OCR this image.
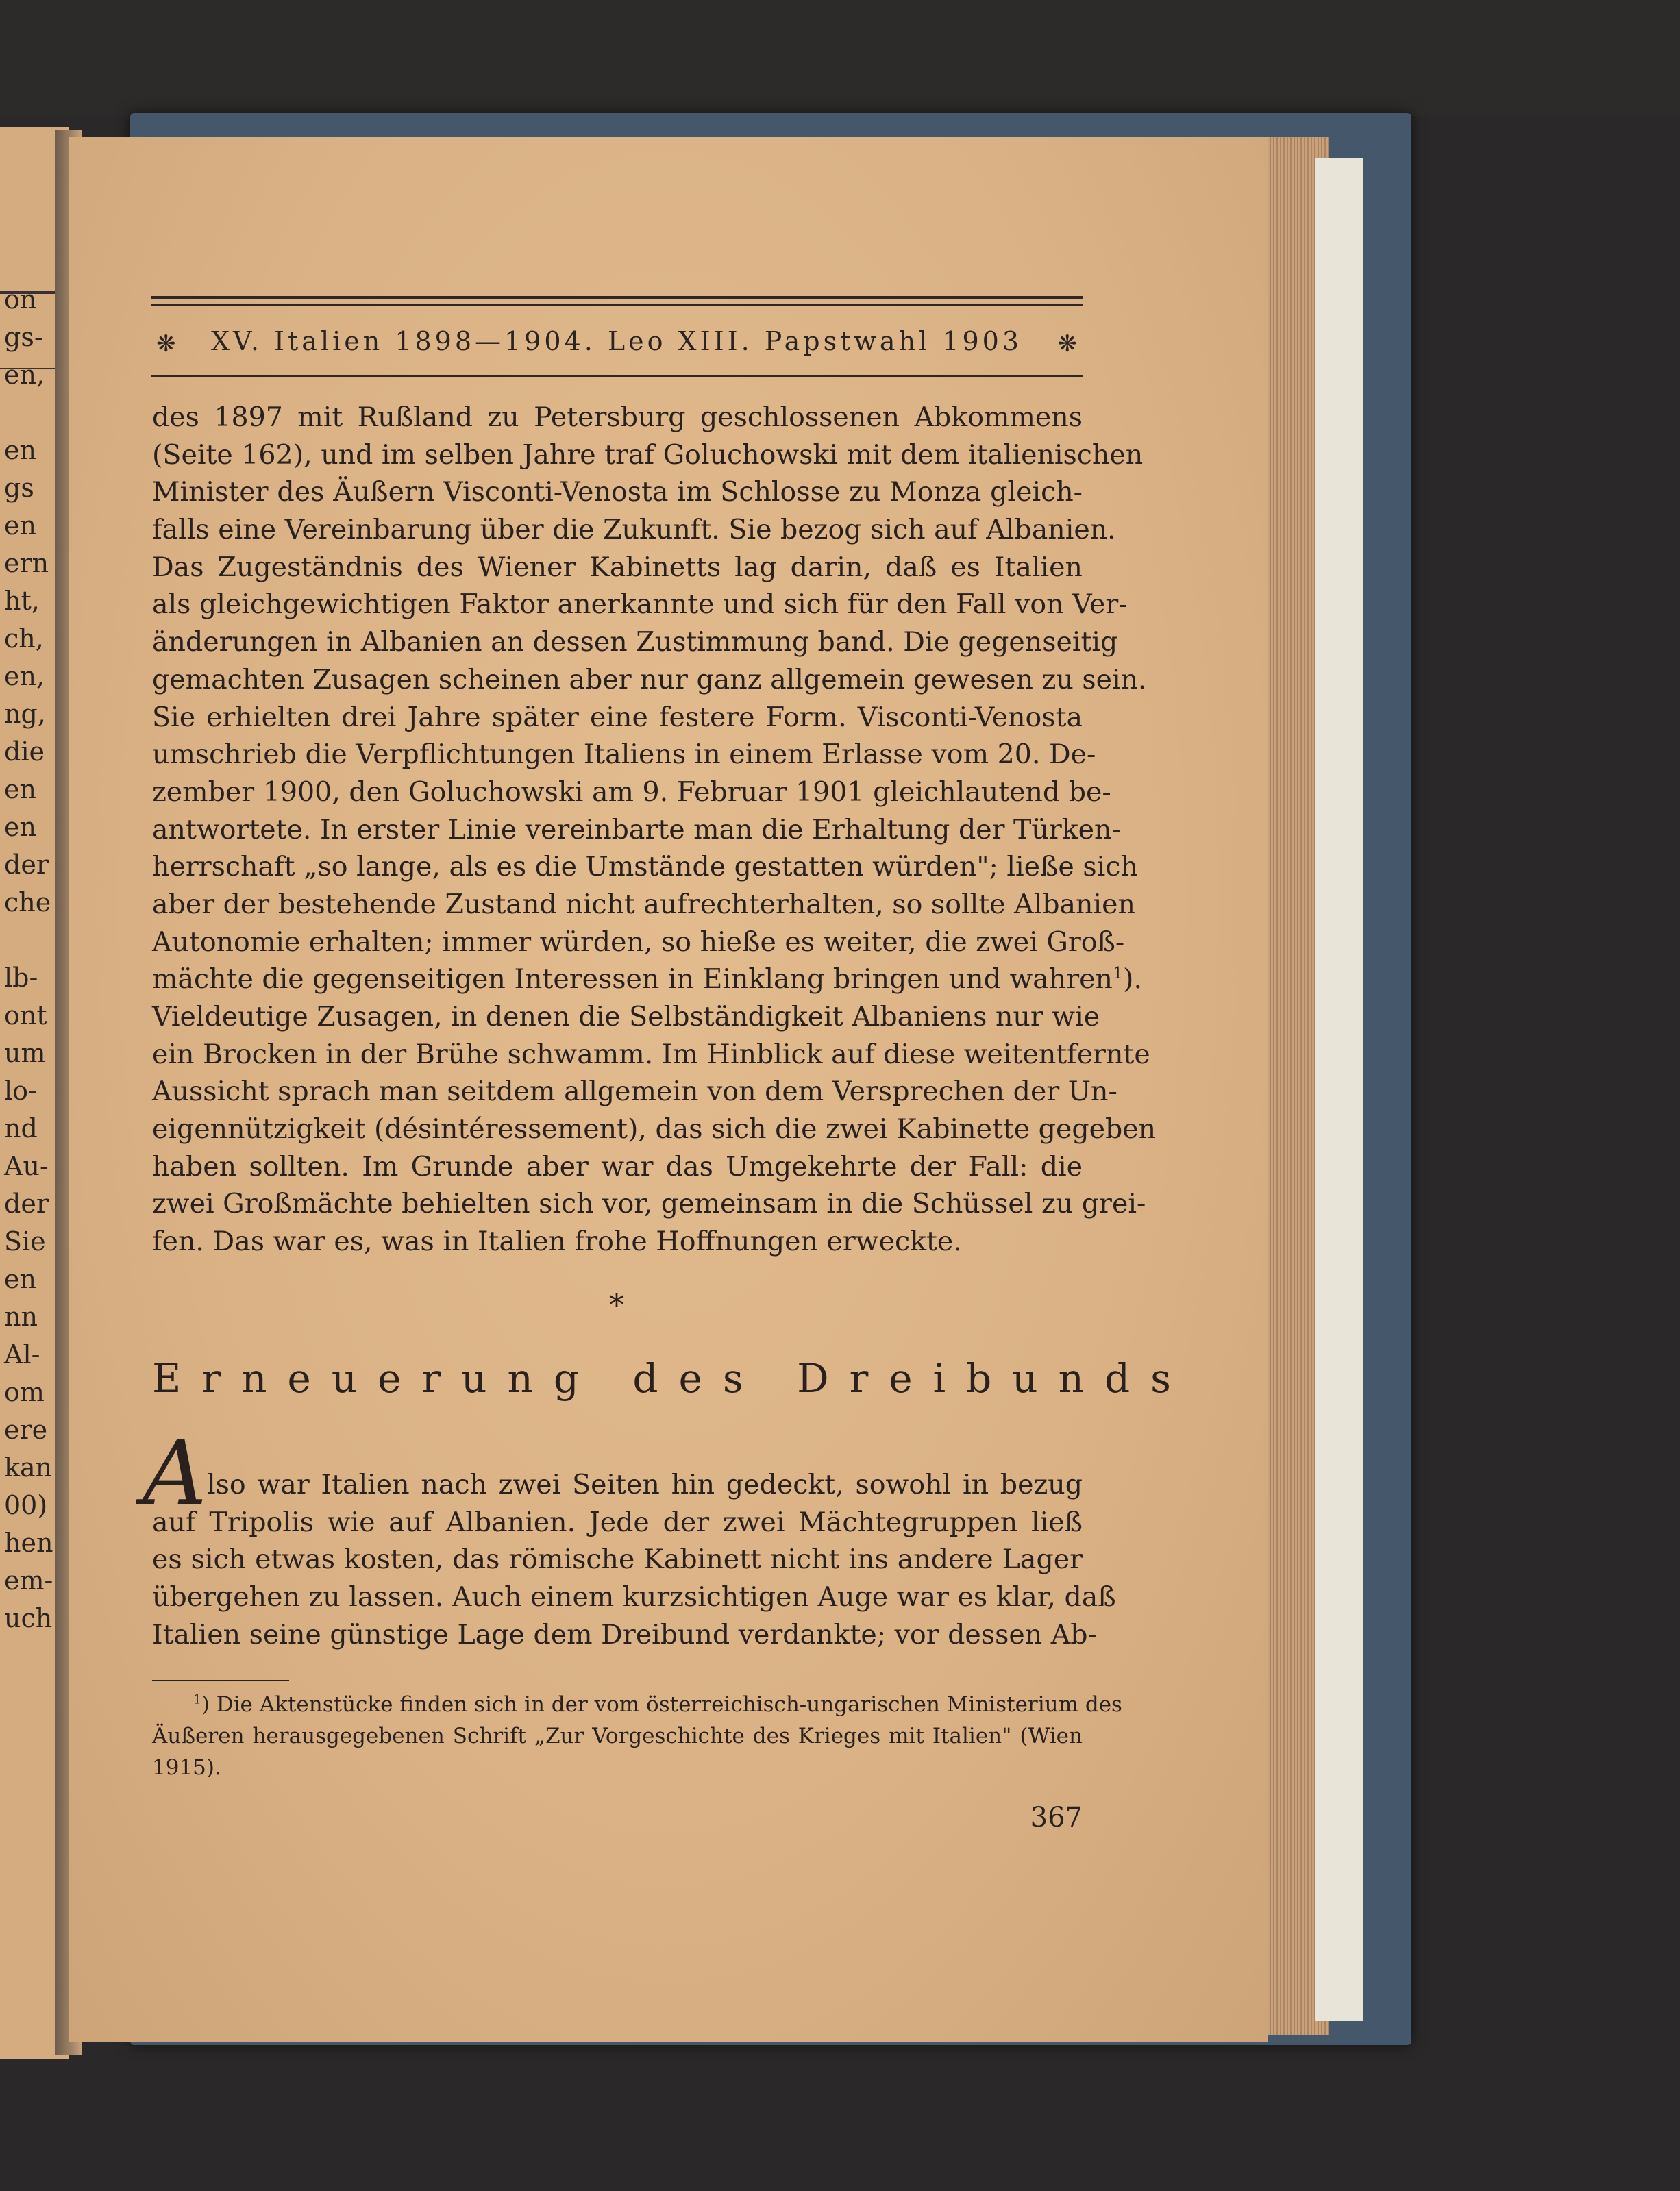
on
gs-
en,
en
gs
en
ern
ht,
ch,
en,
ng,
die
en
en
der
che
lb-
ont
um
lo-
nd
Au-
der
Sie
en
nn
Al-
om
ere
kan
00)
hen
em-
uch
❋	XV. Italien 1898—1904. Leo XIII. Papstwahl 1903	❋
des 1897 mit Rußland zu Petersburg geschlossenen Abkommens
(Seite 162), und im selben Jahre traf Goluchowski mit dem italienischen
Minister des Äußern Visconti-Venosta im Schlosse zu Monza gleich-
falls eine Vereinbarung über die Zukunft. Sie bezog sich auf Albanien.
Das Zugeständnis des Wiener Kabinetts lag darin, daß es Italien
als gleichgewichtigen Faktor anerkannte und sich für den Fall von Ver-
änderungen in Albanien an dessen Zustimmung band. Die gegenseitig
gemachten Zusagen scheinen aber nur ganz allgemein gewesen zu sein.
Sie erhielten drei Jahre später eine festere Form. Visconti-Venosta
umschrieb die Verpflichtungen Italiens in einem Erlasse vom 20. De-
zember 1900, den Goluchowski am 9. Februar 1901 gleichlautend be-
antwortete. In erster Linie vereinbarte man die Erhaltung der Türken-
herrschaft „so lange, als es die Umstände gestatten würden"; ließe sich
aber der bestehende Zustand nicht aufrechterhalten, so sollte Albanien
Autonomie erhalten; immer würden, so hieße es weiter, die zwei Groß-
mächte die gegenseitigen Interessen in Einklang bringen und wahren$^1$).
Vieldeutige Zusagen, in denen die Selbständigkeit Albaniens nur wie
ein Brocken in der Brühe schwamm. Im Hinblick auf diese weitentfernte
Aussicht sprach man seitdem allgemein von dem Versprechen der Un-
eigennützigkeit (désintéressement), das sich die zwei Kabinette gegeben
haben sollten. Im Grunde aber war das Umgekehrte der Fall: die
zwei Großmächte behielten sich vor, gemeinsam in die Schüssel zu grei-
fen. Das war es, was in Italien frohe Hoffnungen erweckte.
*
Erneuerung des Dreibunds
A lso war Italien nach zwei Seiten hin gedeckt, sowohl in bezug
auf Tripolis wie auf Albanien. Jede der zwei Mächtegruppen ließ
es sich etwas kosten, das römische Kabinett nicht ins andere Lager
übergehen zu lassen. Auch einem kurzsichtigen Auge war es klar, daß
Italien seine günstige Lage dem Dreibund verdankte; vor dessen Ab-
$^1$) Die Aktenstücke finden sich in der vom österreichisch-ungarischen Ministerium des
Äußeren herausgegebenen Schrift „Zur Vorgeschichte des Krieges mit Italien" (Wien
1915).
367
